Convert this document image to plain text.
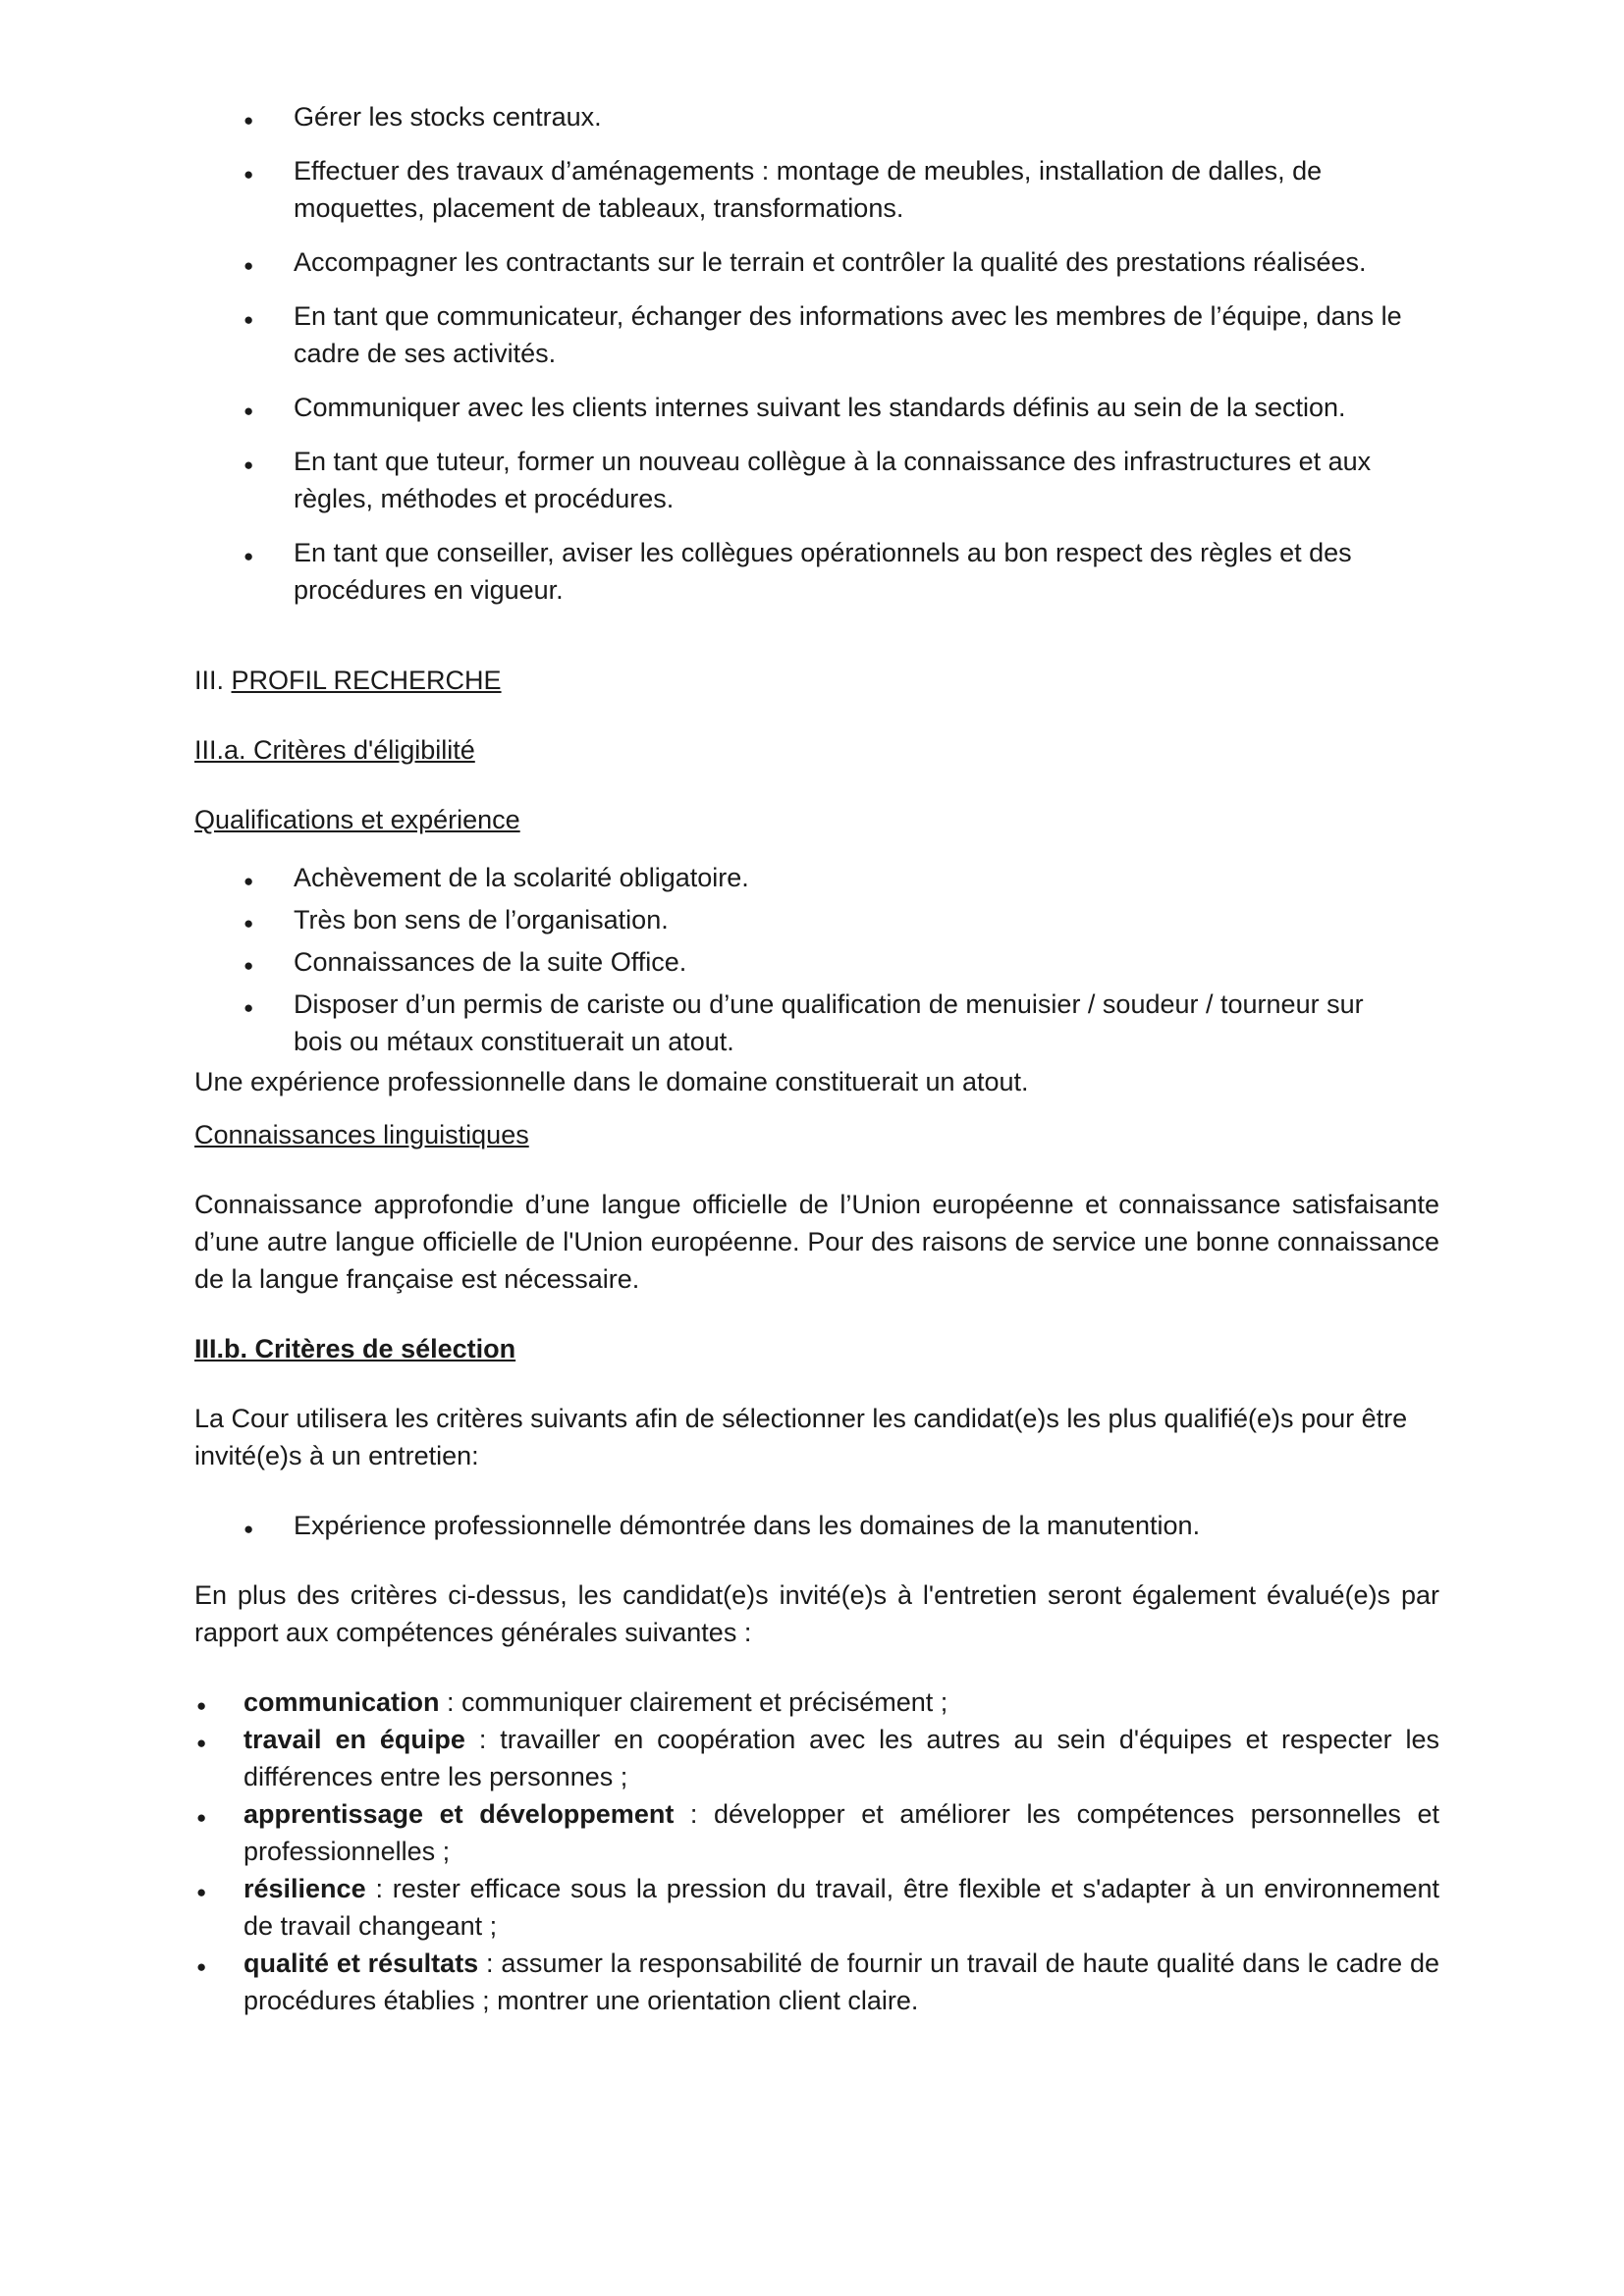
●
Gérer les stocks centraux.
●
Effectuer des travaux d’aménagements : montage de meubles, installation de dalles, de
moquettes, placement de tableaux, transformations.
●
Accompagner les contractants sur le terrain et contrôler la qualité des prestations réalisées.
●
En tant que communicateur, échanger des informations avec les membres de l’équipe, dans le
cadre de ses activités.
●
Communiquer avec les clients internes suivant les standards définis au sein de la section.
●
En tant que tuteur, former un nouveau collègue à la connaissance des infrastructures et aux
règles, méthodes et procédures.
●
En tant que conseiller, aviser les collègues opérationnels au bon respect des règles et des
procédures en vigueur.

III. PROFIL RECHERCHE

III.a. Critères d'éligibilité

Qualifications et expérience

●
Achèvement de la scolarité obligatoire.
●
Très bon sens de l’organisation.
●
Connaissances de la suite Office.
●
Disposer d’un permis de cariste ou d’une qualification de menuisier / soudeur / tourneur sur
bois ou métaux constituerait un atout.

Une expérience professionnelle dans le domaine constituerait un atout.

Connaissances linguistiques

Connaissance approfondie d’une langue officielle de l’Union européenne et connaissance satisfaisante d’une autre langue officielle de l'Union européenne. Pour des raisons de service une bonne connaissance de la langue française est nécessaire.

III.b. Critères de sélection

La Cour utilisera les critères suivants afin de sélectionner les candidat(e)s les plus qualifié(e)s pour être invité(e)s à un entretien:

●
Expérience professionnelle démontrée dans les domaines de la manutention.

En plus des critères ci-dessus, les candidat(e)s invité(e)s à l'entretien seront également évalué(e)s par rapport aux compétences générales suivantes :

●
communication : communiquer clairement et précisément ;
●
travail en équipe : travailler en coopération avec les autres au sein d'équipes et respecter les différences entre les personnes ;
●
apprentissage et développement : développer et améliorer les compétences personnelles et professionnelles ;
●
résilience : rester efficace sous la pression du travail, être flexible et s'adapter à un environnement de travail changeant ;
●
qualité et résultats : assumer la responsabilité de fournir un travail de haute qualité dans le cadre de procédures établies ; montrer une orientation client claire.
